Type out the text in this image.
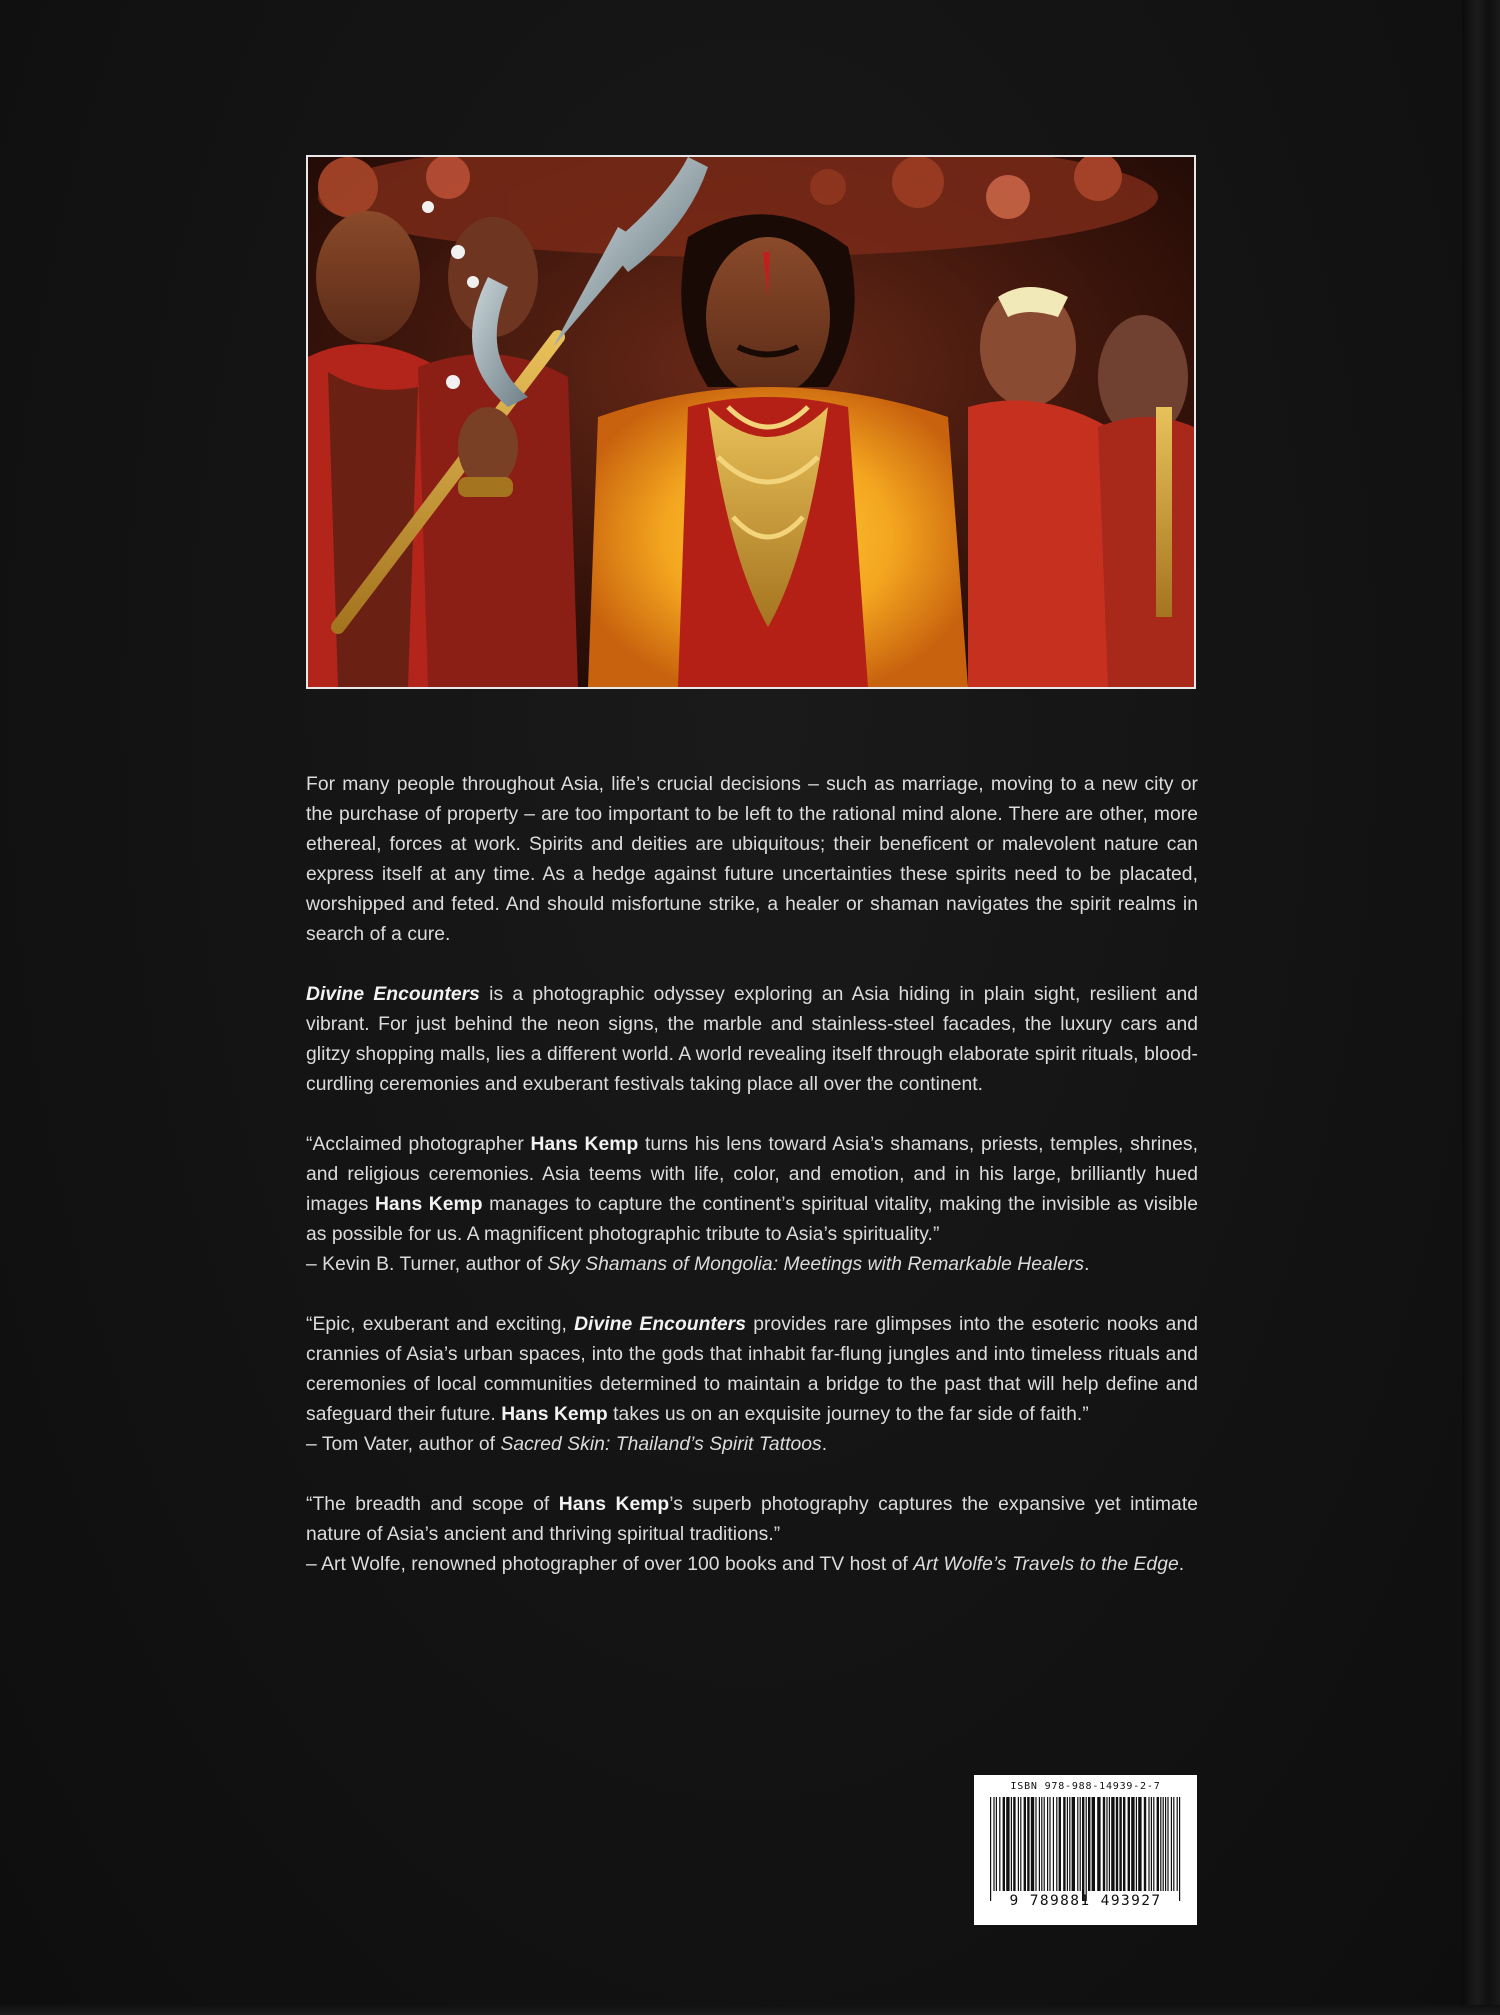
For many people throughout Asia, life’s crucial decisions – such as marriage, moving to a new city or the purchase of property – are too important to be left to the rational mind alone. There are other, more ethereal, forces at work. Spirits and deities are ubiquitous; their beneficent or malevolent nature can express itself at any time. As a hedge against future uncertainties these spirits need to be placated, worshipped and feted. And should misfortune strike, a healer or shaman navigates the spirit realms in search of a cure.

Divine Encounters is a photographic odyssey exploring an Asia hiding in plain sight, resilient and vibrant. For just behind the neon signs, the marble and stainless-steel facades, the luxury cars and glitzy shopping malls, lies a different world. A world revealing itself through elaborate spirit rituals, blood-curdling ceremonies and exuberant festivals taking place all over the continent.

“Acclaimed photographer Hans Kemp turns his lens toward Asia’s shamans, priests, temples, shrines, and religious ceremonies. Asia teems with life, color, and emotion, and in his large, brilliantly hued images Hans Kemp manages to capture the continent’s spiritual vitality, making the invisible as visible as possible for us. A magnificent photographic tribute to Asia’s spirituality.”
– Kevin B. Turner, author of Sky Shamans of Mongolia: Meetings with Remarkable Healers.

“Epic, exuberant and exciting, Divine Encounters provides rare glimpses into the esoteric nooks and crannies of Asia’s urban spaces, into the gods that inhabit far-flung jungles and into timeless rituals and ceremonies of local communities determined to maintain a bridge to the past that will help define and safeguard their future. Hans Kemp takes us on an exquisite journey to the far side of faith.”
– Tom Vater, author of Sacred Skin: Thailand’s Spirit Tattoos.

“The breadth and scope of Hans Kemp’s superb photography captures the expansive yet intimate nature of Asia’s ancient and thriving spiritual traditions.”
– Art Wolfe, renowned photographer of over 100 books and TV host of Art Wolfe’s Travels to the Edge.

ISBN 978-988-14939-2-7
9 789881 493927
